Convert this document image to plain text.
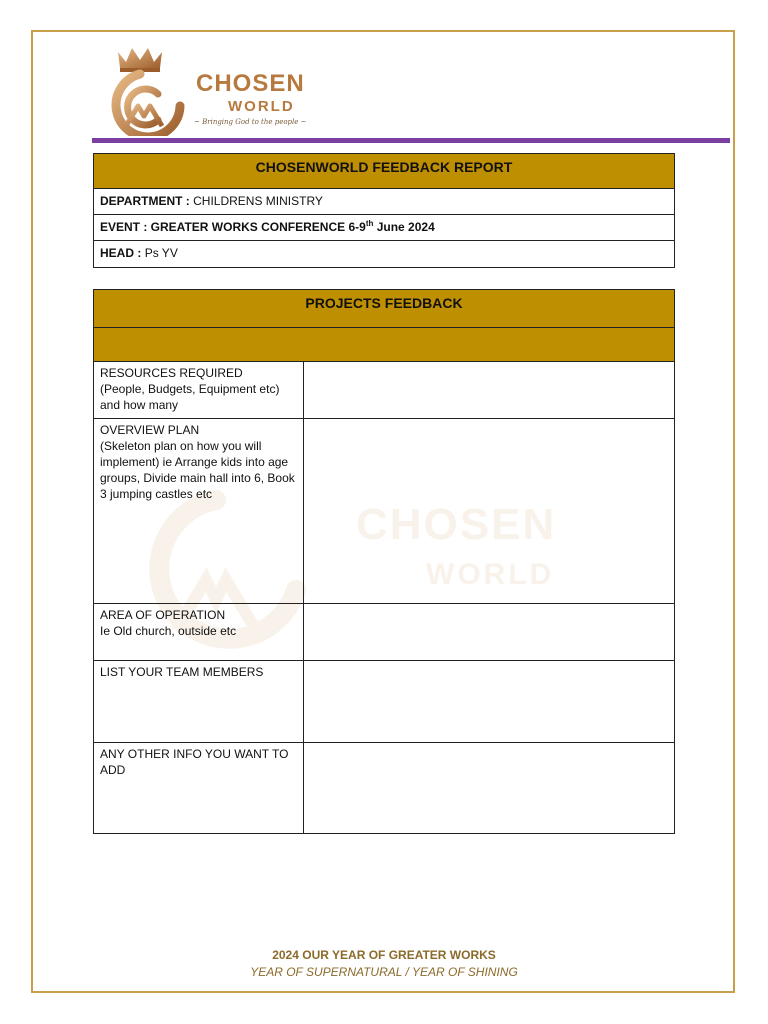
CHOSEN
WORLD
~ Bringing God to the people ~
CHOSENWORLD FEEDBACK REPORT
DEPARTMENT : CHILDRENS MINISTRY
EVENT : GREATER WORKS CONFERENCE 6-9th June 2024
HEAD : Ps YV
CHOSEN
WORLD
PROJECTS FEEDBACK
RESOURCES REQUIRED
(People, Budgets, Equipment etc)
and how many
OVERVIEW PLAN
(Skeleton plan on how you will implement) ie Arrange kids into age groups, Divide main hall into 6, Book 3 jumping castles etc
AREA OF OPERATION
Ie Old church, outside etc
LIST YOUR TEAM MEMBERS
ANY OTHER INFO YOU WANT TO ADD
2024 OUR YEAR OF GREATER WORKS
YEAR OF SUPERNATURAL / YEAR OF SHINING
